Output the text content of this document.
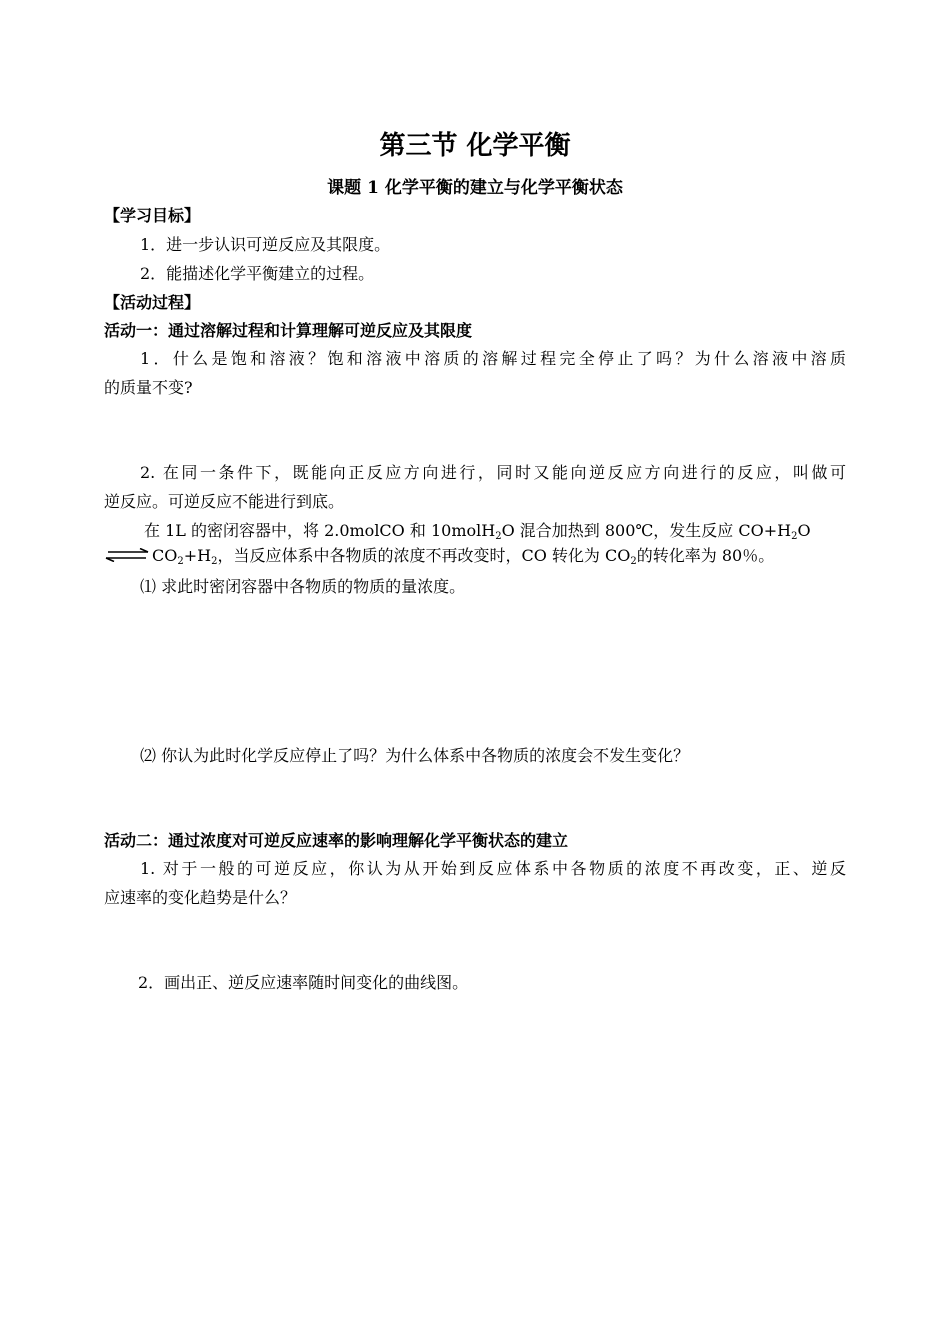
第三节 化学平衡
课题 1 化学平衡的建立与化学平衡状态
【学习目标】
1．进一步认识可逆反应及其限度。
2．能描述化学平衡建立的过程。
【活动过程】
活动一：通过溶解过程和计算理解可逆反应及其限度
1．什么是饱和溶液？饱和溶液中溶质的溶解过程完全停止了吗？为什么溶液中溶质
的质量不变?
2. 在同一条件下，既能向正反应方向进行，同时又能向逆反应方向进行的反应，叫做可
逆反应。可逆反应不能进行到底。
在 1L 的密闭容器中，将 2.0molCO 和 10molH$_2$O 混合加热到 800℃，发生反应 $CO+H_2O$
⇌ $CO_2+H_2$，当反应体系中各物质的浓度不再改变时，CO 转化为 $CO_2$的转化率为 80％。
⑴ 求此时密闭容器中各物质的物质的量浓度。
⑵ 你认为此时化学反应停止了吗？为什么体系中各物质的浓度会不发生变化？
活动二：通过浓度对可逆反应速率的影响理解化学平衡状态的建立
1. 对于一般的可逆反应，你认为从开始到反应体系中各物质的浓度不再改变，正、逆反
应速率的变化趋势是什么？
2．画出正、逆反应速率随时间变化的曲线图。
